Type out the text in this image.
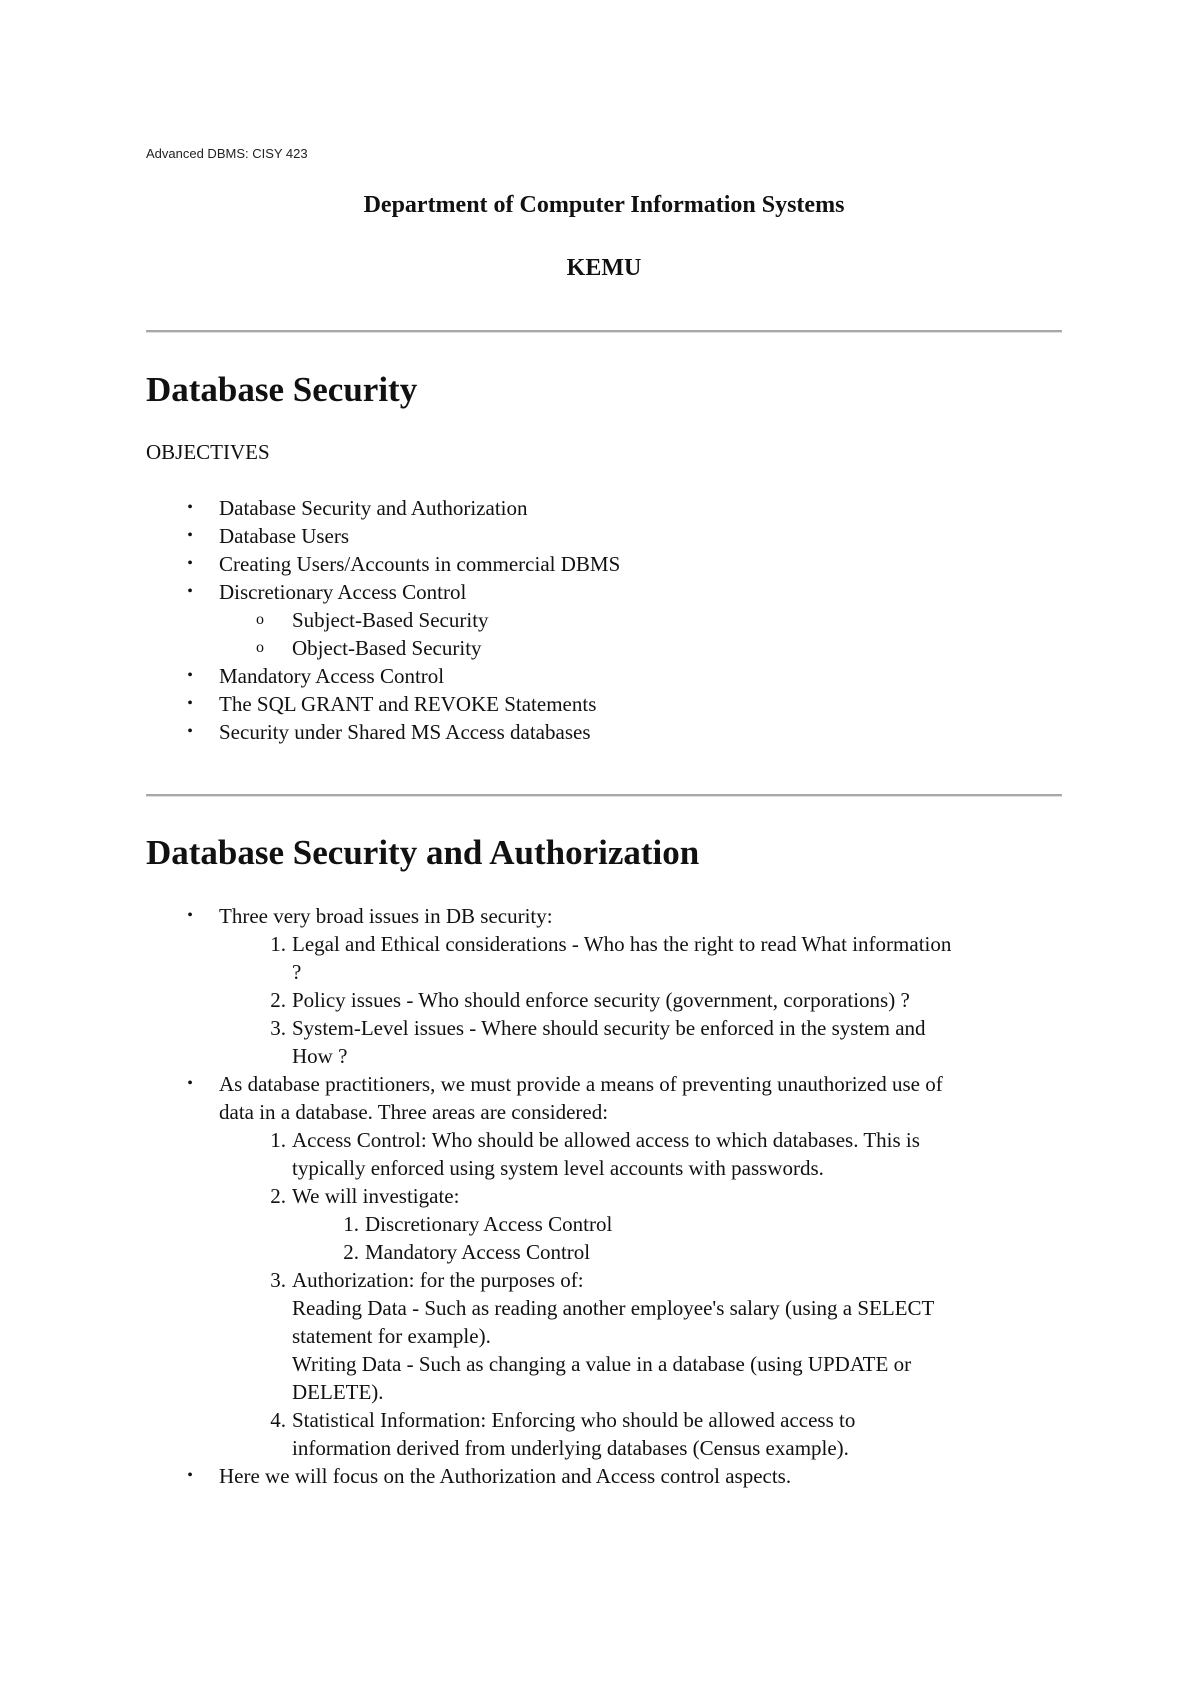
Advanced DBMS: CISY 423
Department of Computer Information Systems
KEMU
Database Security
OBJECTIVES
•	Database Security and Authorization
•	Database Users
•	Creating Users/Accounts in commercial DBMS
•	Discretionary Access Control
o Subject-Based Security
o Object-Based Security
•	Mandatory Access Control
•	The SQL GRANT and REVOKE Statements
•	Security under Shared MS Access databases
Database Security and Authorization
•	Three very broad issues in DB security:
1. Legal and Ethical considerations - Who has the right to read What information
?
2. Policy issues - Who should enforce security (government, corporations) ?
3. System-Level issues - Where should security be enforced in the system and
How ?
•	As database practitioners, we must provide a means of preventing unauthorized use of
data in a database. Three areas are considered:
1. Access Control: Who should be allowed access to which databases. This is
typically enforced using system level accounts with passwords.
2. We will investigate:
1. Discretionary Access Control
2. Mandatory Access Control
3. Authorization: for the purposes of:
Reading Data - Such as reading another employee's salary (using a SELECT
statement for example).
Writing Data - Such as changing a value in a database (using UPDATE or
DELETE).
4. Statistical Information: Enforcing who should be allowed access to
information derived from underlying databases (Census example).
•	Here we will focus on the Authorization and Access control aspects.
